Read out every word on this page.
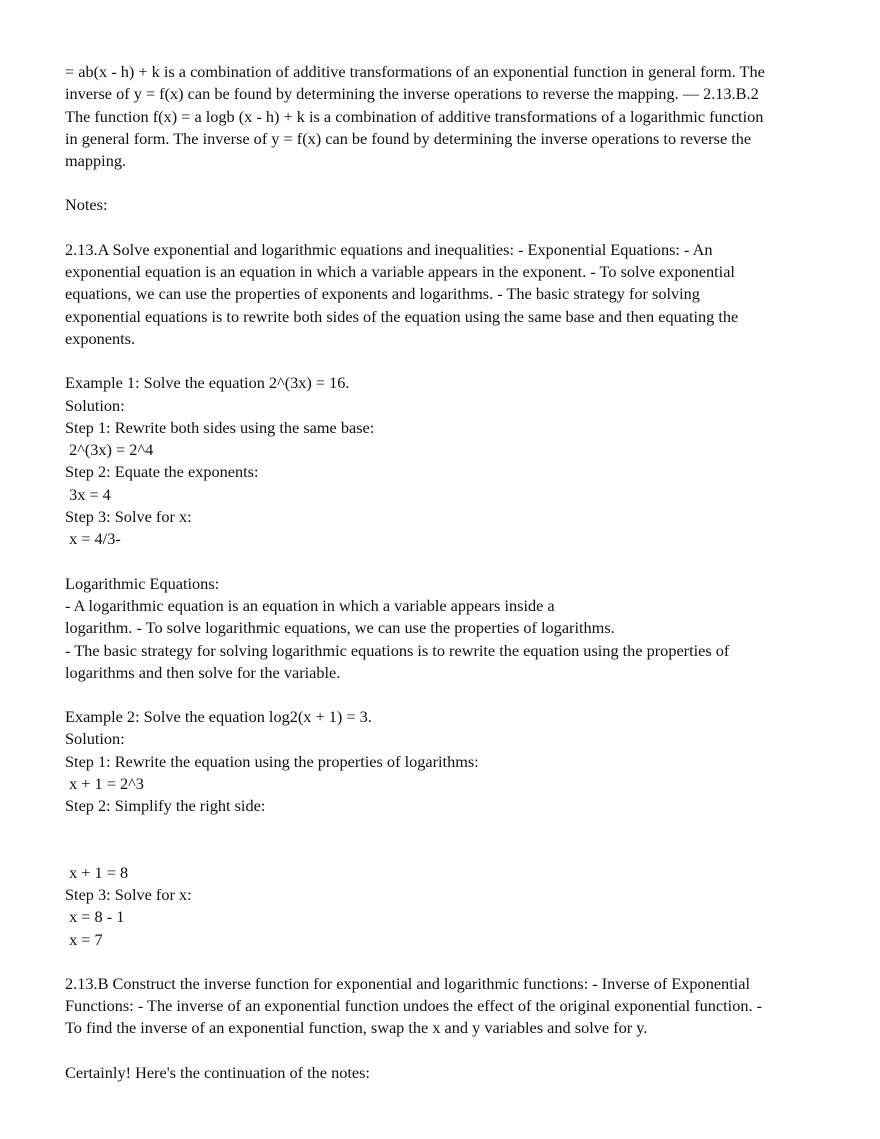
= ab(x - h) + k is a combination of additive transformations of an exponential function in general form. The
inverse of y = f(x) can be found by determining the inverse operations to reverse the mapping. — 2.13.B.2
The function f(x) = a logb (x - h) + k is a combination of additive transformations of a logarithmic function
in general form. The inverse of y = f(x) can be found by determining the inverse operations to reverse the
mapping.
Notes:
2.13.A Solve exponential and logarithmic equations and inequalities: - Exponential Equations: - An
exponential equation is an equation in which a variable appears in the exponent. - To solve exponential
equations, we can use the properties of exponents and logarithms. - The basic strategy for solving
exponential equations is to rewrite both sides of the equation using the same base and then equating the
exponents.
Example 1: Solve the equation 2^(3x) = 16.
Solution:
Step 1: Rewrite both sides using the same base:
2^(3x) = 2^4
Step 2: Equate the exponents:
3x = 4
Step 3: Solve for x:
x = 4/3-
Logarithmic Equations:
- A logarithmic equation is an equation in which a variable appears inside a
logarithm. - To solve logarithmic equations, we can use the properties of logarithms.
- The basic strategy for solving logarithmic equations is to rewrite the equation using the properties of
logarithms and then solve for the variable.
Example 2: Solve the equation log2(x + 1) = 3.
Solution:
Step 1: Rewrite the equation using the properties of logarithms:
x + 1 = 2^3
Step 2: Simplify the right side:
x + 1 = 8
Step 3: Solve for x:
x = 8 - 1
x = 7
2.13.B Construct the inverse function for exponential and logarithmic functions: - Inverse of Exponential
Functions: - The inverse of an exponential function undoes the effect of the original exponential function. -
To find the inverse of an exponential function, swap the x and y variables and solve for y.
Certainly! Here's the continuation of the notes:
